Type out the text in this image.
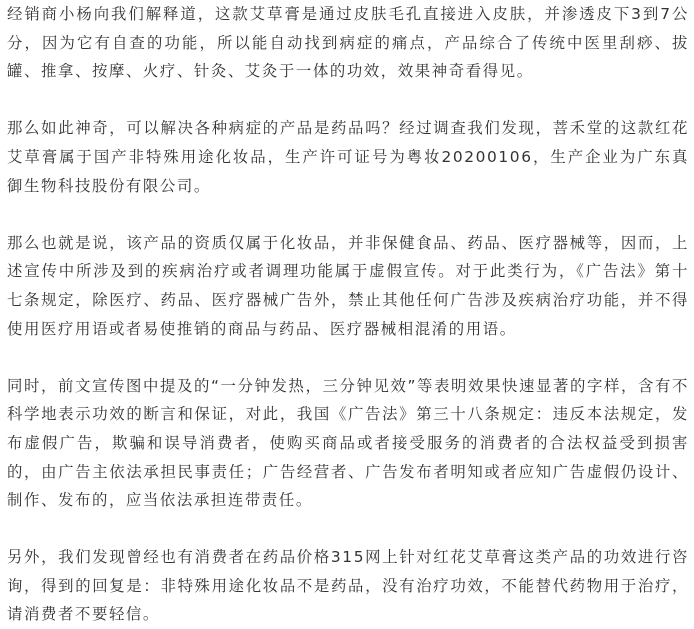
经销商小杨向我们解释道，这款艾草膏是通过皮肤毛孔直接进入皮肤，并渗透皮下3到7公分，因为它有自查的功能，所以能自动找到病症的痛点，产品综合了传统中医里刮痧、拔罐、推拿、按摩、火疗、针灸、艾灸于一体的功效，效果神奇看得见。

那么如此神奇，可以解决各种病症的产品是药品吗？经过调查我们发现，菩禾堂的这款红花艾草膏属于国产非特殊用途化妆品，生产许可证号为粤妆20200106，生产企业为广东真御生物科技股份有限公司。

那么也就是说，该产品的资质仅属于化妆品，并非保健食品、药品、医疗器械等，因而，上述宣传中所涉及到的疾病治疗或者调理功能属于虚假宣传。对于此类行为，《广告法》第十七条规定，除医疗、药品、医疗器械广告外，禁止其他任何广告涉及疾病治疗功能，并不得使用医疗用语或者易使推销的商品与药品、医疗器械相混淆的用语。

同时，前文宣传图中提及的“一分钟发热，三分钟见效”等表明效果快速显著的字样，含有不科学地表示功效的断言和保证，对此，我国《广告法》第三十八条规定：违反本法规定，发布虚假广告，欺骗和误导消费者，使购买商品或者接受服务的消费者的合法权益受到损害的，由广告主依法承担民事责任；广告经营者、广告发布者明知或者应知广告虚假仍设计、制作、发布的，应当依法承担连带责任。

另外，我们发现曾经也有消费者在药品价格315网上针对红花艾草膏这类产品的功效进行咨询，得到的回复是：非特殊用途化妆品不是药品，没有治疗功效，不能替代药物用于治疗，请消费者不要轻信。
